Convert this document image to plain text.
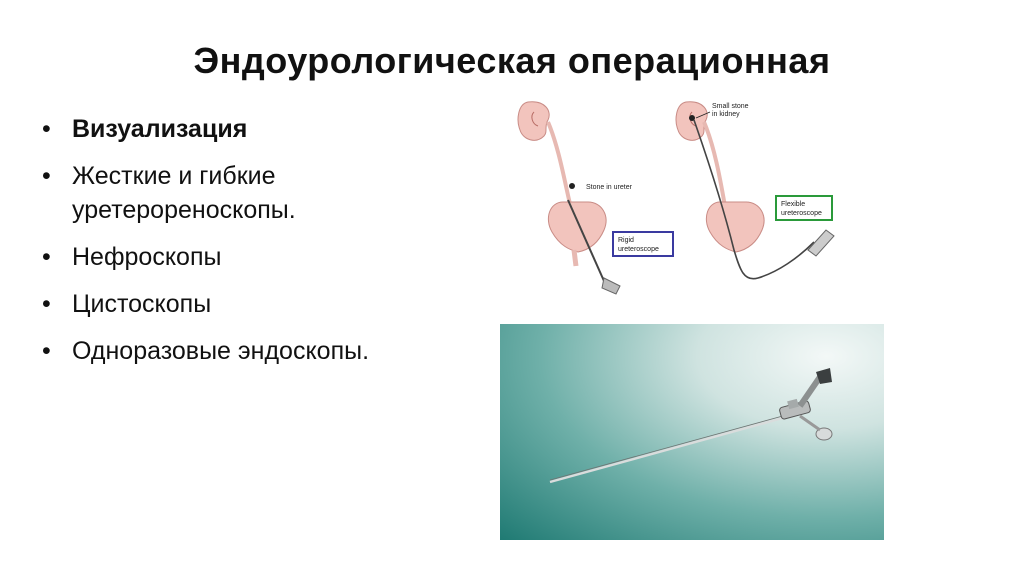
Эндоурологическая операционная
• Визуализация
• Жесткие и гибкие уретерореноскопы.
• Нефроскопы
• Цистоскопы
• Одноразовые эндоскопы.
Stone in ureter
Rigid
ureteroscope
Small stone
in kidney
Flexible
ureteroscope
